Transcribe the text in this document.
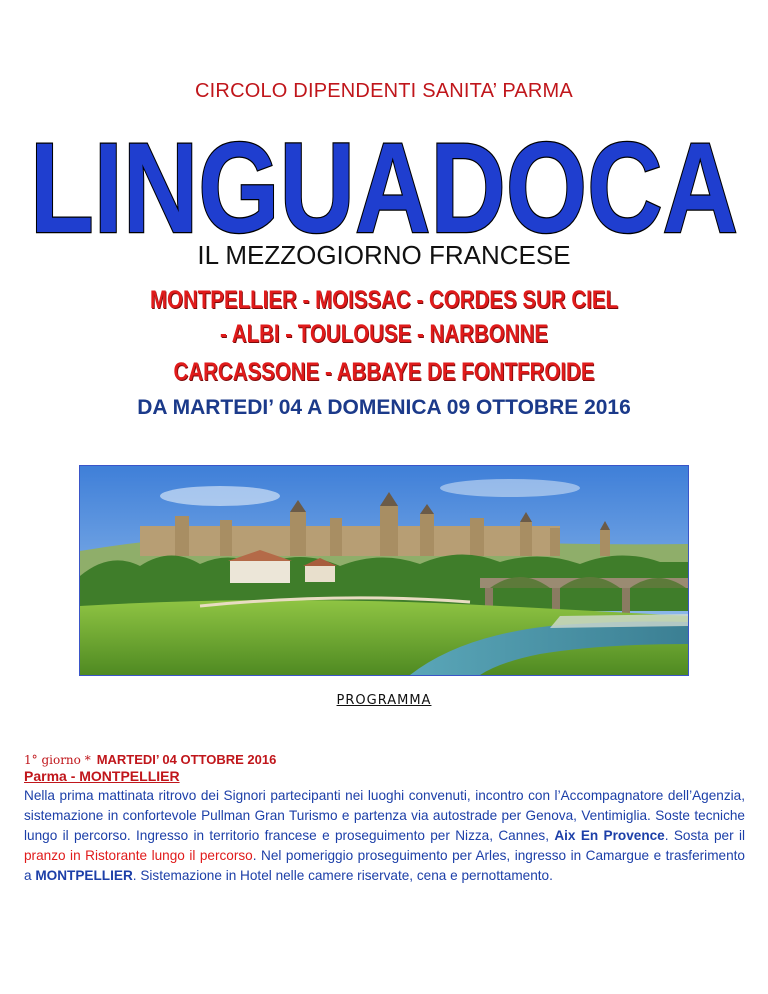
CIRCOLO DIPENDENTI SANITA’ PARMA
LINGUADOCA
IL MEZZOGIORNO FRANCESE
MONTPELLIER - MOISSAC - CORDES SUR CIEL
- ALBI - TOULOUSE - NARBONNE
CARCASSONE - ABBAYE DE FONTFROIDE
DA MARTEDI’ 04 A DOMENICA 09 OTTOBRE 2016
PROGRAMMA
1° giorno * MARTEDI’ 04 OTTOBRE 2016
Parma - MONTPELLIER
Nella prima mattinata ritrovo dei Signori partecipanti nei luoghi convenuti, incontro con l’Accompagnatore dell’Agenzia, sistemazione in confortevole Pullman Gran Turismo e partenza via autostrade per Genova, Ventimiglia. Soste tecniche lungo il percorso. Ingresso in territorio francese e proseguimento per Nizza, Cannes, Aix En Provence. Sosta per il pranzo in Ristorante lungo il percorso. Nel pomeriggio proseguimento per Arles, ingresso in Camargue e trasferimento a MONTPELLIER. Sistemazione in Hotel nelle camere riservate, cena e pernottamento.
